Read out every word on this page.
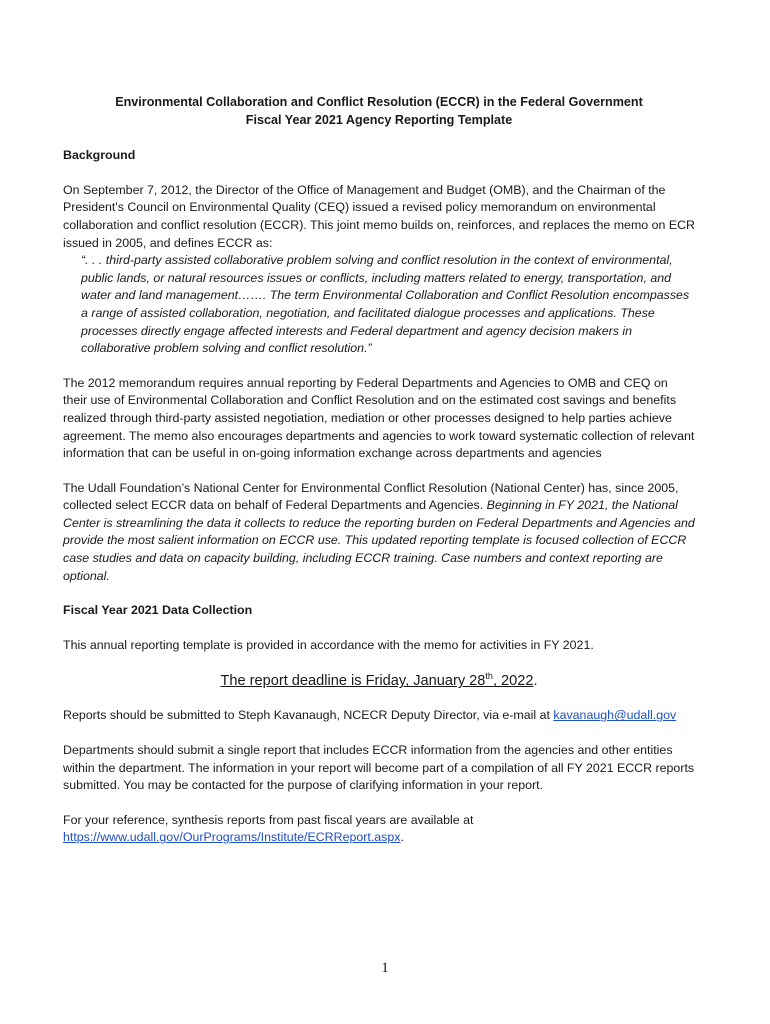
Environmental Collaboration and Conflict Resolution (ECCR) in the Federal Government
Fiscal Year 2021 Agency Reporting Template
Background

On September 7, 2012, the Director of the Office of Management and Budget (OMB), and the Chairman of the President's Council on Environmental Quality (CEQ) issued a revised policy memorandum on environmental collaboration and conflict resolution (ECCR). This joint memo builds on, reinforces, and replaces the memo on ECR issued in 2005, and defines ECCR as:

“. . . third-party assisted collaborative problem solving and conflict resolution in the context of environmental, public lands, or natural resources issues or conflicts, including matters related to energy, transportation, and water and land management……. The term Environmental Collaboration and Conflict Resolution encompasses a range of assisted collaboration, negotiation, and facilitated dialogue processes and applications. These processes directly engage affected interests and Federal department and agency decision makers in collaborative problem solving and conflict resolution.”

The 2012 memorandum requires annual reporting by Federal Departments and Agencies to OMB and CEQ on their use of Environmental Collaboration and Conflict Resolution and on the estimated cost savings and benefits realized through third-party assisted negotiation, mediation or other processes designed to help parties achieve agreement. The memo also encourages departments and agencies to work toward systematic collection of relevant information that can be useful in on-going information exchange across departments and agencies

The Udall Foundation’s National Center for Environmental Conflict Resolution (National Center) has, since 2005, collected select ECCR data on behalf of Federal Departments and Agencies. Beginning in FY 2021, the National Center is streamlining the data it collects to reduce the reporting burden on Federal Departments and Agencies and provide the most salient information on ECCR use. This updated reporting template is focused collection of ECCR case studies and data on capacity building, including ECCR training. Case numbers and context reporting are optional.

Fiscal Year 2021 Data Collection

This annual reporting template is provided in accordance with the memo for activities in FY 2021.

The report deadline is Friday, January 28th, 2022.

Reports should be submitted to Steph Kavanaugh, NCECR Deputy Director, via e-mail at kavanaugh@udall.gov

Departments should submit a single report that includes ECCR information from the agencies and other entities within the department. The information in your report will become part of a compilation of all FY 2021 ECCR reports submitted. You may be contacted for the purpose of clarifying information in your report.

For your reference, synthesis reports from past fiscal years are available at https://www.udall.gov/OurPrograms/Institute/ECRReport.aspx.

1
